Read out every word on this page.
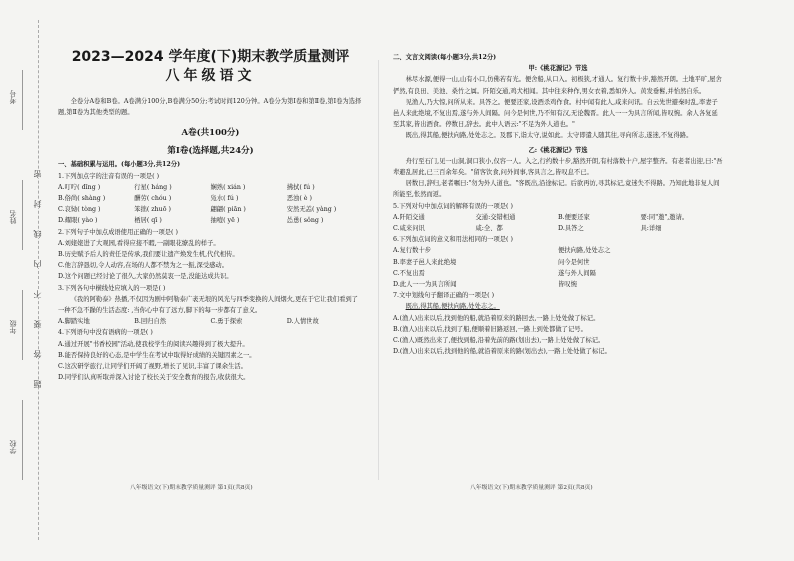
考号
姓名
年级
学校
密
封
线
内
不
要
答
题
2023—2024 学年度(下)期末教学质量测评
八年级语文

全卷分A卷和B卷。A卷满分100分,B卷满分50分;考试时间120分钟。A卷分为第Ⅰ卷和第Ⅱ卷,第Ⅰ卷为选择题,第Ⅱ卷为其他类型的题。

A卷(共100分)
第Ⅰ卷(选择题,共24分)

一、基础积累与运用。(每小题3分,共12分)

1.下列加点字的注音有误的一项是( )

A.叮咛( dīng )	行星( háng )	娴熟( xián )	拂拭( fú )
B.俗尚( shàng )	酬劳( chóu )	凫水( fú )	恶浊( è )
C.哀恸( tòng )	笨拙( zhuō )	翩翩( piān )	安然无恙( yàng )
D.耀眼( yào )	栖居( qī )	抽噎( yē )	怂恿( sǒng )

2.下列句子中加点成语使用正确的一项是( )

A.刘姥姥进了大观园,看得应接不暇,一副眼花缭乱的样子。

B.历史赋予后人的责任是传承,我们要让遗产焕发生机,代代相传。

C.他言辞恳切,令人动容,在场的人都不禁为之一振,深受感动。

D.这个问题已经讨论了很久,大家仍然莫衷一是,没能达成共识。

3.下列各句中横线处应填入的一项是( )

《我的阿勒泰》热播,不仅因为剧中阿勒泰广袤无垠的风光与四季变换的人间烟火,更在于它让我们看到了一种不急不躁的生活态度: ,当你心中有了远方,脚下的每一步都有了意义。

A.脚踏实地	B.回归自然	C.勇于探索	D.人情世故

4.下列语句中没有语病的一项是( )

A.通过开展"书香校园"活动,使我校学生的阅读兴趣得到了极大提升。

B.能否保持良好的心态,是中学生在考试中取得好成绩的关键因素之一。

C.这次研学旅行,让同学们开阔了视野,增长了见识,丰富了课余生活。

D.同学们认真听取并深入讨论了校长关于安全教育的报告,收获很大。

八年级语文(下)期末教学质量测评 第1页(共8页)

二、文言文阅读(每小题3分,共12分)

甲:《桃花源记》节选

林尽水源,便得一山,山有小口,仿佛若有光。便舍船,从口入。初极狭,才通人。复行数十步,豁然开朗。土地平旷,屋舍俨然,有良田、美池、桑竹之属。阡陌交通,鸡犬相闻。其中往来种作,男女衣着,悉如外人。黄发垂髫,并怡然自乐。

见渔人,乃大惊,问所从来。具答之。便要还家,设酒杀鸡作食。村中闻有此人,咸来问讯。自云先世避秦时乱,率妻子邑人来此绝境,不复出焉,遂与外人间隔。问今是何世,乃不知有汉,无论魏晋。此人一一为具言所闻,皆叹惋。余人各复延至其家,皆出酒食。停数日,辞去。此中人语云:"不足为外人道也。"

既出,得其船,便扶向路,处处志之。及郡下,诣太守,说如此。太守即遣人随其往,寻向所志,遂迷,不复得路。

乙:《桃花源记》节选

舟行至石门,见一山洞,洞口狭小,仅容一人。入之,行约数十步,豁然开朗,有村落数十户,屋宇整齐。有老者出迎,曰:"吾辈避乱居此,已三百余年矣。"留客饮食,问外间事,客具言之,皆叹息不已。

居数日,辞归,老者嘱曰:"勿为外人道也。"客既出,沿途标记。后欲再访,寻其标记,竟迷失不得路。乃知此地非复人间所能至,怅然而返。

5.下列对句中加点词的解释有误的一项是( )

A.阡陌交通	交通:交错相通	B.便要还家	要:同"邀",邀请。
C.咸来问讯	咸:全、都	D.具答之	具:详细

6.下列加点词的意义和用法相同的一项是( )

A.复行数十步	便扶向路,处处志之
B.率妻子邑人来此绝境	问今是何世
C.不复出焉	遂与外人间隔
D.此人一一为具言所闻	皆叹惋

7.文中划线句子翻译正确的一项是( )

既出,得其船,便扶向路,处处志之。

A.(渔人)出来以后,找到他的船,就沿着原来的路回去,一路上处处做了标记。

B.(渔人)出来以后,找到了船,便顺着旧路返回,一路上到处都做了记号。

C.(渔人)既然出来了,便找到船,沿着先前的路(划出去),一路上处处做了标记。

D.(渔人)出来以后,找到他的船,就沿着原来的路(划出去),一路上处处做了标记。

八年级语文(下)期末教学质量测评 第2页(共8页)
